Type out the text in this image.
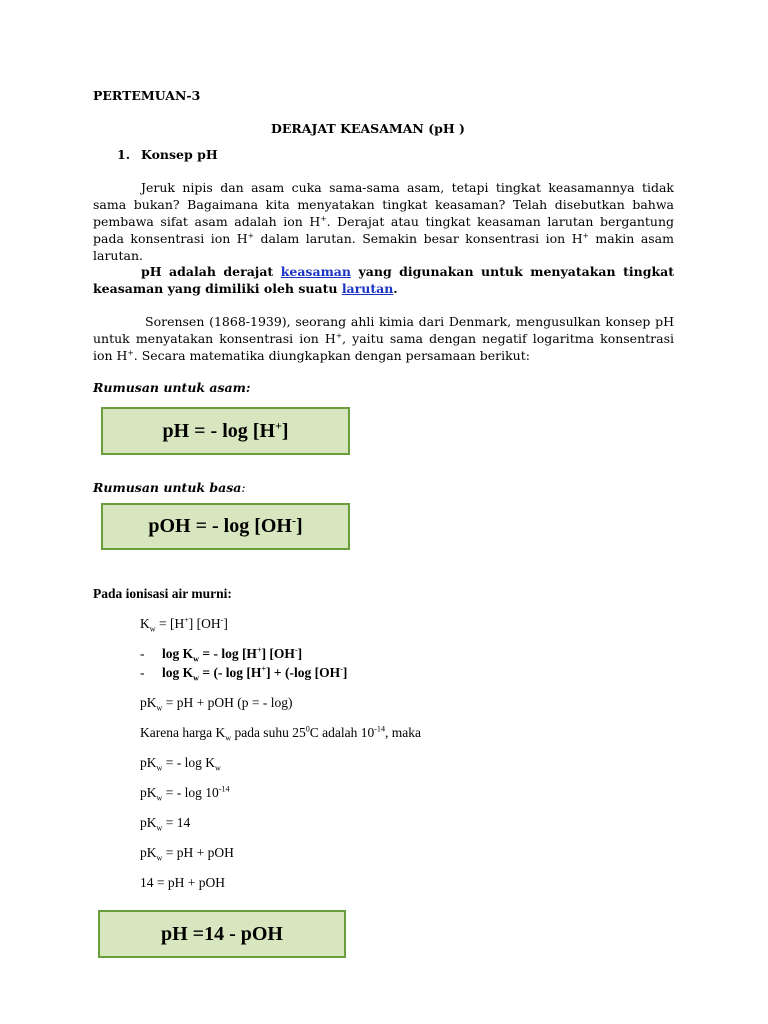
PERTEMUAN-3
DERAJAT KEASAMAN (pH )
1. Konsep pH
Jeruk nipis dan asam cuka sama-sama asam, tetapi tingkat keasamannya tidak sama bukan? Bagaimana kita menyatakan tingkat keasaman? Telah disebutkan bahwa pembawa sifat asam adalah ion H+. Derajat atau tingkat keasaman larutan bergantung pada konsentrasi ion H+ dalam larutan. Semakin besar konsentrasi ion H+ makin asam larutan.
pH adalah derajat keasaman yang digunakan untuk menyatakan tingkat keasaman yang dimiliki oleh suatu larutan.
Sorensen (1868-1939), seorang ahli kimia dari Denmark, mengusulkan konsep pH untuk menyatakan konsentrasi ion H+, yaitu sama dengan negatif logaritma konsentrasi ion H+. Secara matematika diungkapkan dengan persamaan berikut:
Rumusan untuk asam:
pH = - log [H+]
Rumusan untuk basa:
pOH = - log [OH-]
Pada ionisasi air murni:
$K_w = [H^+]$ [OH-]
- $\log K_w$ = - log [H+] [OH-]
- $\log K_w$ = (- log [H+] + (-log [OH-]
$pK_w$ = pH + pOH (p = - log)
Karena harga $K_w$ pada suhu $25^0C$ adalah $10^{-14}$, maka
$pK_w$ = - $\log K_w$
$pK_w$ = - $\log 10^{-14}$
$pK_w = 14$
$pK_w$ = pH + pOH
14 = pH + pOH
pH =14 - pOH
